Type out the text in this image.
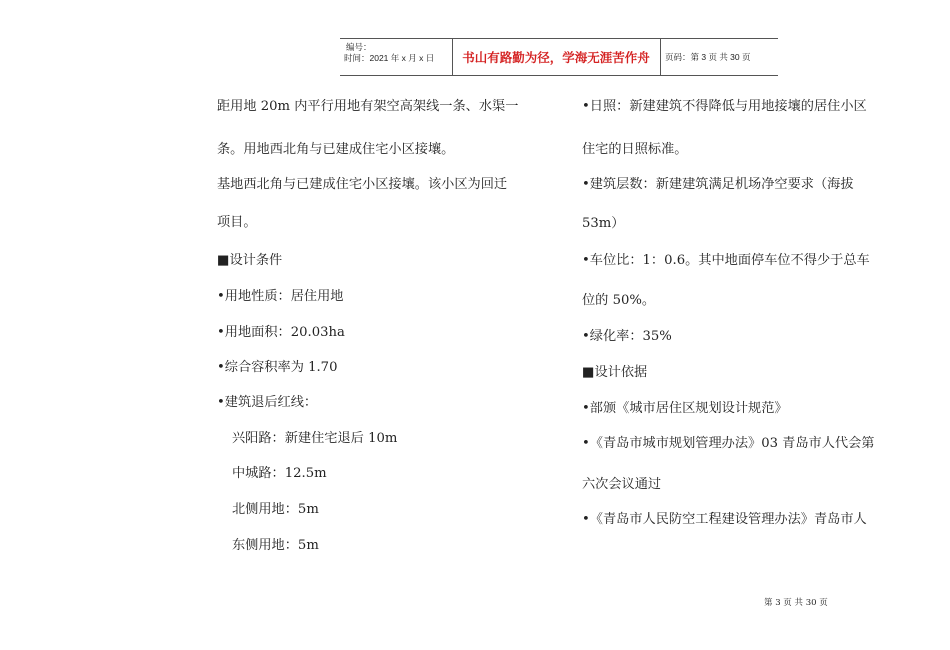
编号：
时间：2021 年 x 月 x 日 书山有路勤为径，学海无涯苦作舟 页码：第 3 页 共 30 页
距用地 20m 内平行用地有架空高架线一条、水渠一
条。用地西北角与已建成住宅小区接壤。
基地西北角与已建成住宅小区接壤。该小区为回迁
项目。
■设计条件
•用地性质：居住用地
•用地面积：20.03ha
•综合容积率为 1.70
•建筑退后红线：
兴阳路：新建住宅退后 10m
中城路：12.5m
北侧用地：5m
东侧用地：5m
•日照：新建建筑不得降低与用地接壤的居住小区
住宅的日照标准。
•建筑层数：新建建筑满足机场净空要求（海拔
53m）
•车位比：1：0.6。其中地面停车位不得少于总车
位的 50%。
•绿化率：35%
■设计依据
•部颁《城市居住区规划设计规范》
•《青岛市城市规划管理办法》03 青岛市人代会第
六次会议通过
•《青岛市人民防空工程建设管理办法》青岛市人
第 3 页 共 30 页
